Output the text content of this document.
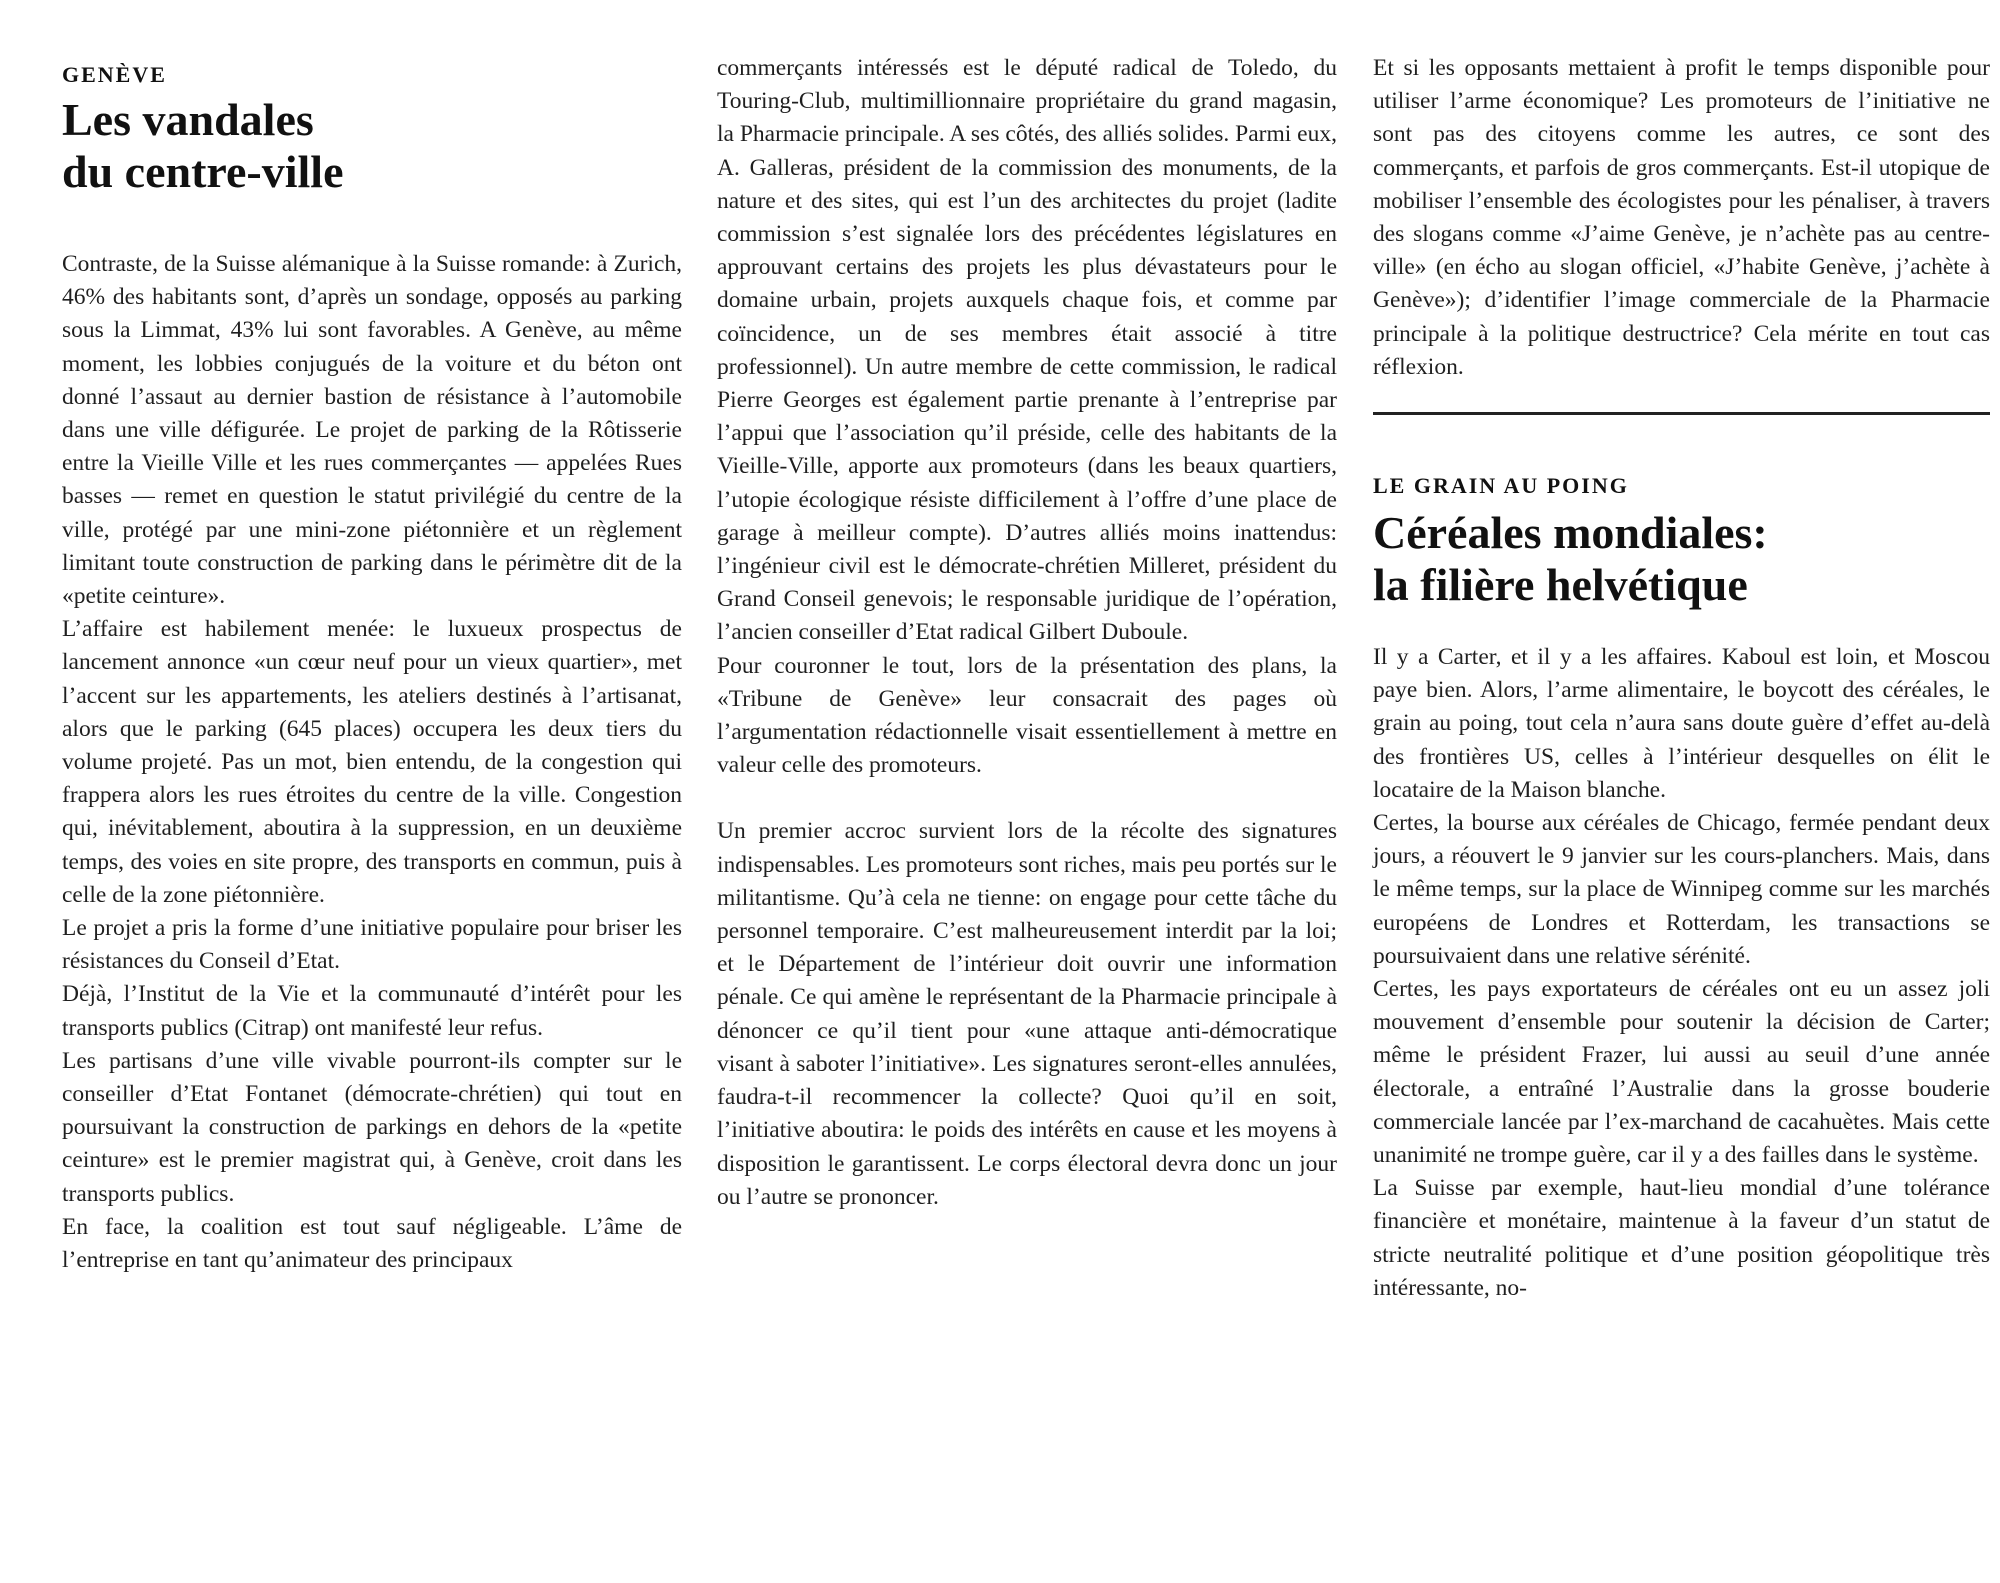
GENÈVE
Les vandales
du centre-ville

Contraste, de la Suisse alémanique à la Suisse romande: à Zurich, 46% des habitants sont, d’après un sondage, opposés au parking sous la Limmat, 43% lui sont favorables. A Genève, au même moment, les lobbies conjugués de la voiture et du béton ont donné l’assaut au dernier bastion de résistance à l’automobile dans une ville défigurée. Le projet de parking de la Rôtisserie entre la Vieille Ville et les rues commerçantes — appelées Rues basses — remet en question le statut privilégié du centre de la ville, protégé par une mini-zone piétonnière et un règlement limitant toute construction de parking dans le périmètre dit de la «petite ceinture».

L’affaire est habilement menée: le luxueux prospectus de lancement annonce «un cœur neuf pour un vieux quartier», met l’accent sur les appartements, les ateliers destinés à l’artisanat, alors que le parking (645 places) occupera les deux tiers du volume projeté. Pas un mot, bien entendu, de la congestion qui frappera alors les rues étroites du centre de la ville. Congestion qui, inévitablement, aboutira à la suppression, en un deuxième temps, des voies en site propre, des transports en commun, puis à celle de la zone piétonnière.

Le projet a pris la forme d’une initiative populaire pour briser les résistances du Conseil d’Etat.

Déjà, l’Institut de la Vie et la communauté d’intérêt pour les transports publics (Citrap) ont manifesté leur refus.

Les partisans d’une ville vivable pourront-ils compter sur le conseiller d’Etat Fontanet (démocrate-chrétien) qui tout en poursuivant la construction de parkings en dehors de la «petite ceinture» est le premier magistrat qui, à Genève, croit dans les transports publics.

En face, la coalition est tout sauf négligeable. L’âme de l’entreprise en tant qu’animateur des principaux

commerçants intéressés est le député radical de Toledo, du Touring-Club, multimillionnaire propriétaire du grand magasin, la Pharmacie principale. A ses côtés, des alliés solides. Parmi eux, A. Galleras, président de la commission des monuments, de la nature et des sites, qui est l’un des architectes du projet (ladite commission s’est signalée lors des précédentes législatures en approuvant certains des projets les plus dévastateurs pour le domaine urbain, projets auxquels chaque fois, et comme par coïncidence, un de ses membres était associé à titre professionnel). Un autre membre de cette commission, le radical Pierre Georges est également partie prenante à l’entreprise par l’appui que l’association qu’il préside, celle des habitants de la Vieille-Ville, apporte aux promoteurs (dans les beaux quartiers, l’utopie écologique résiste difficilement à l’offre d’une place de garage à meilleur compte). D’autres alliés moins inattendus: l’ingénieur civil est le démocrate-chrétien Milleret, président du Grand Conseil genevois; le responsable juridique de l’opération, l’ancien conseiller d’Etat radical Gilbert Duboule.

Pour couronner le tout, lors de la présentation des plans, la «Tribune de Genève» leur consacrait des pages où l’argumentation rédactionnelle visait essentiellement à mettre en valeur celle des promoteurs.

Un premier accroc survient lors de la récolte des signatures indispensables. Les promoteurs sont riches, mais peu portés sur le militantisme. Qu’à cela ne tienne: on engage pour cette tâche du personnel temporaire. C’est malheureusement interdit par la loi; et le Département de l’intérieur doit ouvrir une information pénale. Ce qui amène le représentant de la Pharmacie principale à dénoncer ce qu’il tient pour «une attaque anti-démocratique visant à saboter l’initiative». Les signatures seront-elles annulées, faudra-t-il recommencer la collecte? Quoi qu’il en soit, l’initiative aboutira: le poids des intérêts en cause et les moyens à disposition le garantissent. Le corps électoral devra donc un jour ou l’autre se prononcer.

Et si les opposants mettaient à profit le temps disponible pour utiliser l’arme économique? Les promoteurs de l’initiative ne sont pas des citoyens comme les autres, ce sont des commerçants, et parfois de gros commerçants. Est-il utopique de mobiliser l’ensemble des écologistes pour les pénaliser, à travers des slogans comme «J’aime Genève, je n’achète pas au centre-ville» (en écho au slogan officiel, «J’habite Genève, j’achète à Genève»); d’identifier l’image commerciale de la Pharmacie principale à la politique destructrice? Cela mérite en tout cas réflexion.

LE GRAIN AU POING
Céréales mondiales:
la filière helvétique

Il y a Carter, et il y a les affaires. Kaboul est loin, et Moscou paye bien. Alors, l’arme alimentaire, le boycott des céréales, le grain au poing, tout cela n’aura sans doute guère d’effet au-delà des frontières US, celles à l’intérieur desquelles on élit le locataire de la Maison blanche.

Certes, la bourse aux céréales de Chicago, fermée pendant deux jours, a réouvert le 9 janvier sur les cours-planchers. Mais, dans le même temps, sur la place de Winnipeg comme sur les marchés européens de Londres et Rotterdam, les transactions se poursuivaient dans une relative sérénité.

Certes, les pays exportateurs de céréales ont eu un assez joli mouvement d’ensemble pour soutenir la décision de Carter; même le président Frazer, lui aussi au seuil d’une année électorale, a entraîné l’Australie dans la grosse bouderie commerciale lancée par l’ex-marchand de cacahuètes. Mais cette unanimité ne trompe guère, car il y a des failles dans le système.

La Suisse par exemple, haut-lieu mondial d’une tolérance financière et monétaire, maintenue à la faveur d’un statut de stricte neutralité politique et d’une position géopolitique très intéressante, no-
